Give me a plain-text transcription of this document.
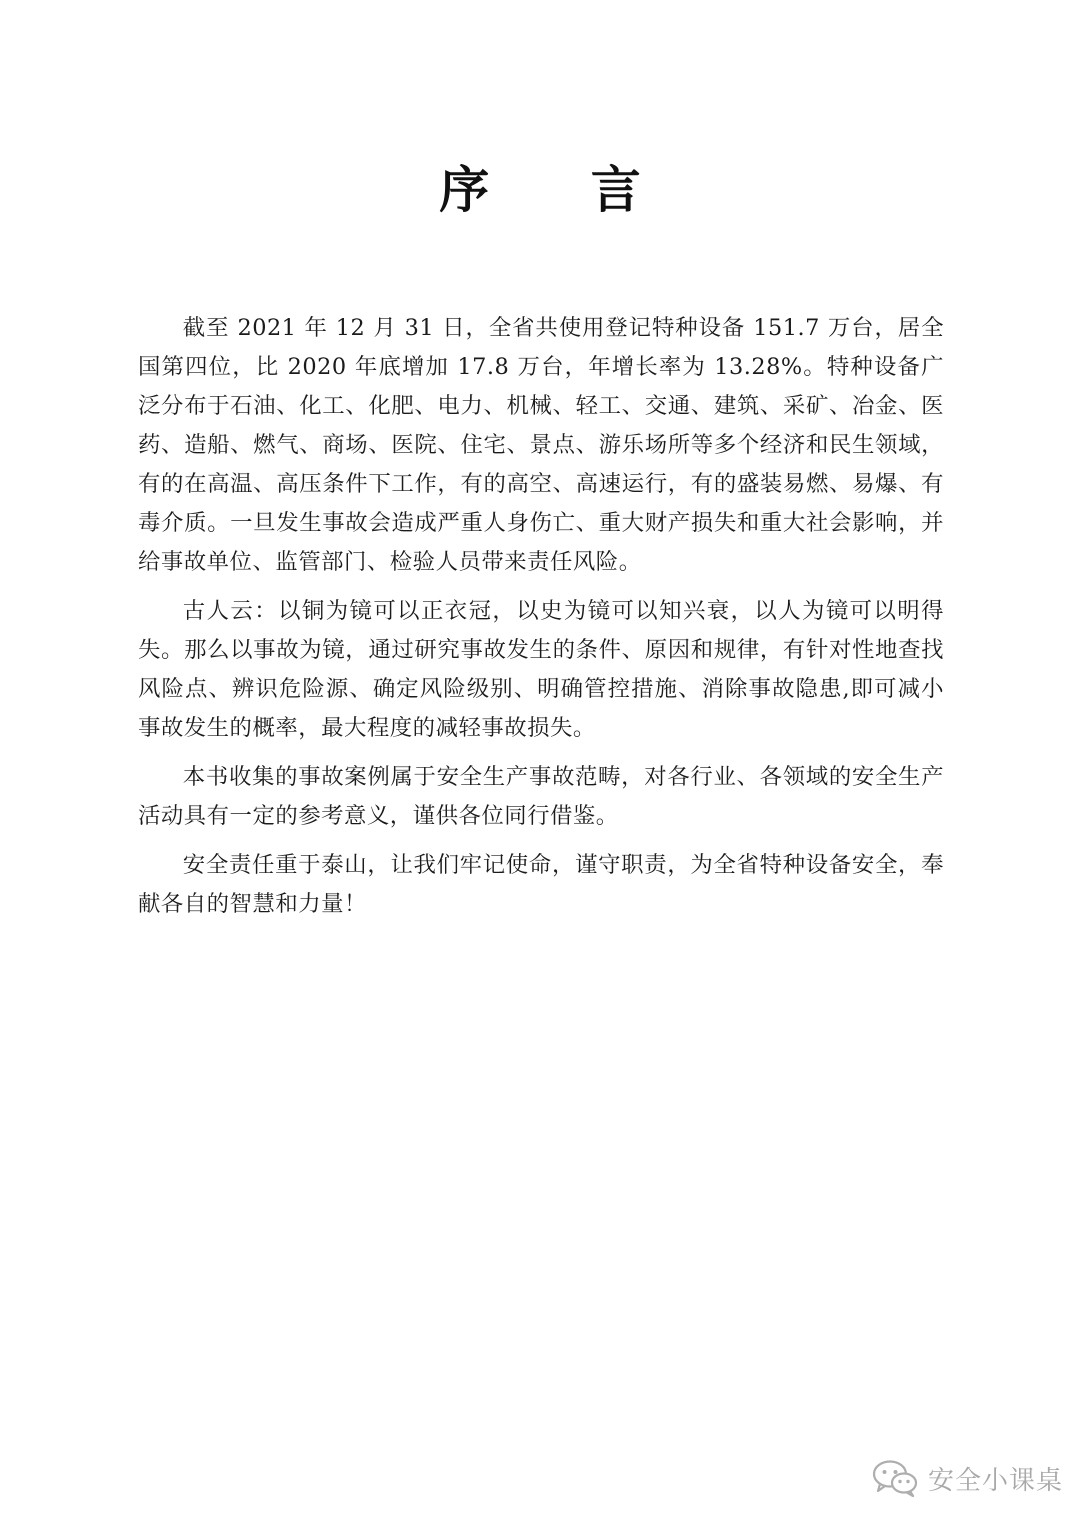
序 言

截至 2021 年 12 月 31 日，全省共使用登记特种设备 151.7 万台，居全国第四位，比 2020 年底增加 17.8 万台，年增长率为 13.28%。特种设备广泛分布于石油、化工、化肥、电力、机械、轻工、交通、建筑、采矿、冶金、医药、造船、燃气、商场、医院、住宅、景点、游乐场所等多个经济和民生领域，有的在高温、高压条件下工作，有的高空、高速运行，有的盛装易燃、易爆、有毒介质。一旦发生事故会造成严重人身伤亡、重大财产损失和重大社会影响，并给事故单位、监管部门、检验人员带来责任风险。

古人云：以铜为镜可以正衣冠，以史为镜可以知兴衰，以人为镜可以明得失。那么以事故为镜，通过研究事故发生的条件、原因和规律，有针对性地查找风险点、辨识危险源、确定风险级别、明确管控措施、消除事故隐患,即可减小事故发生的概率，最大程度的减轻事故损失。

本书收集的事故案例属于安全生产事故范畴，对各行业、各领域的安全生产活动具有一定的参考意义，谨供各位同行借鉴。

安全责任重于泰山，让我们牢记使命，谨守职责，为全省特种设备安全，奉献各自的智慧和力量！

安全小课桌
